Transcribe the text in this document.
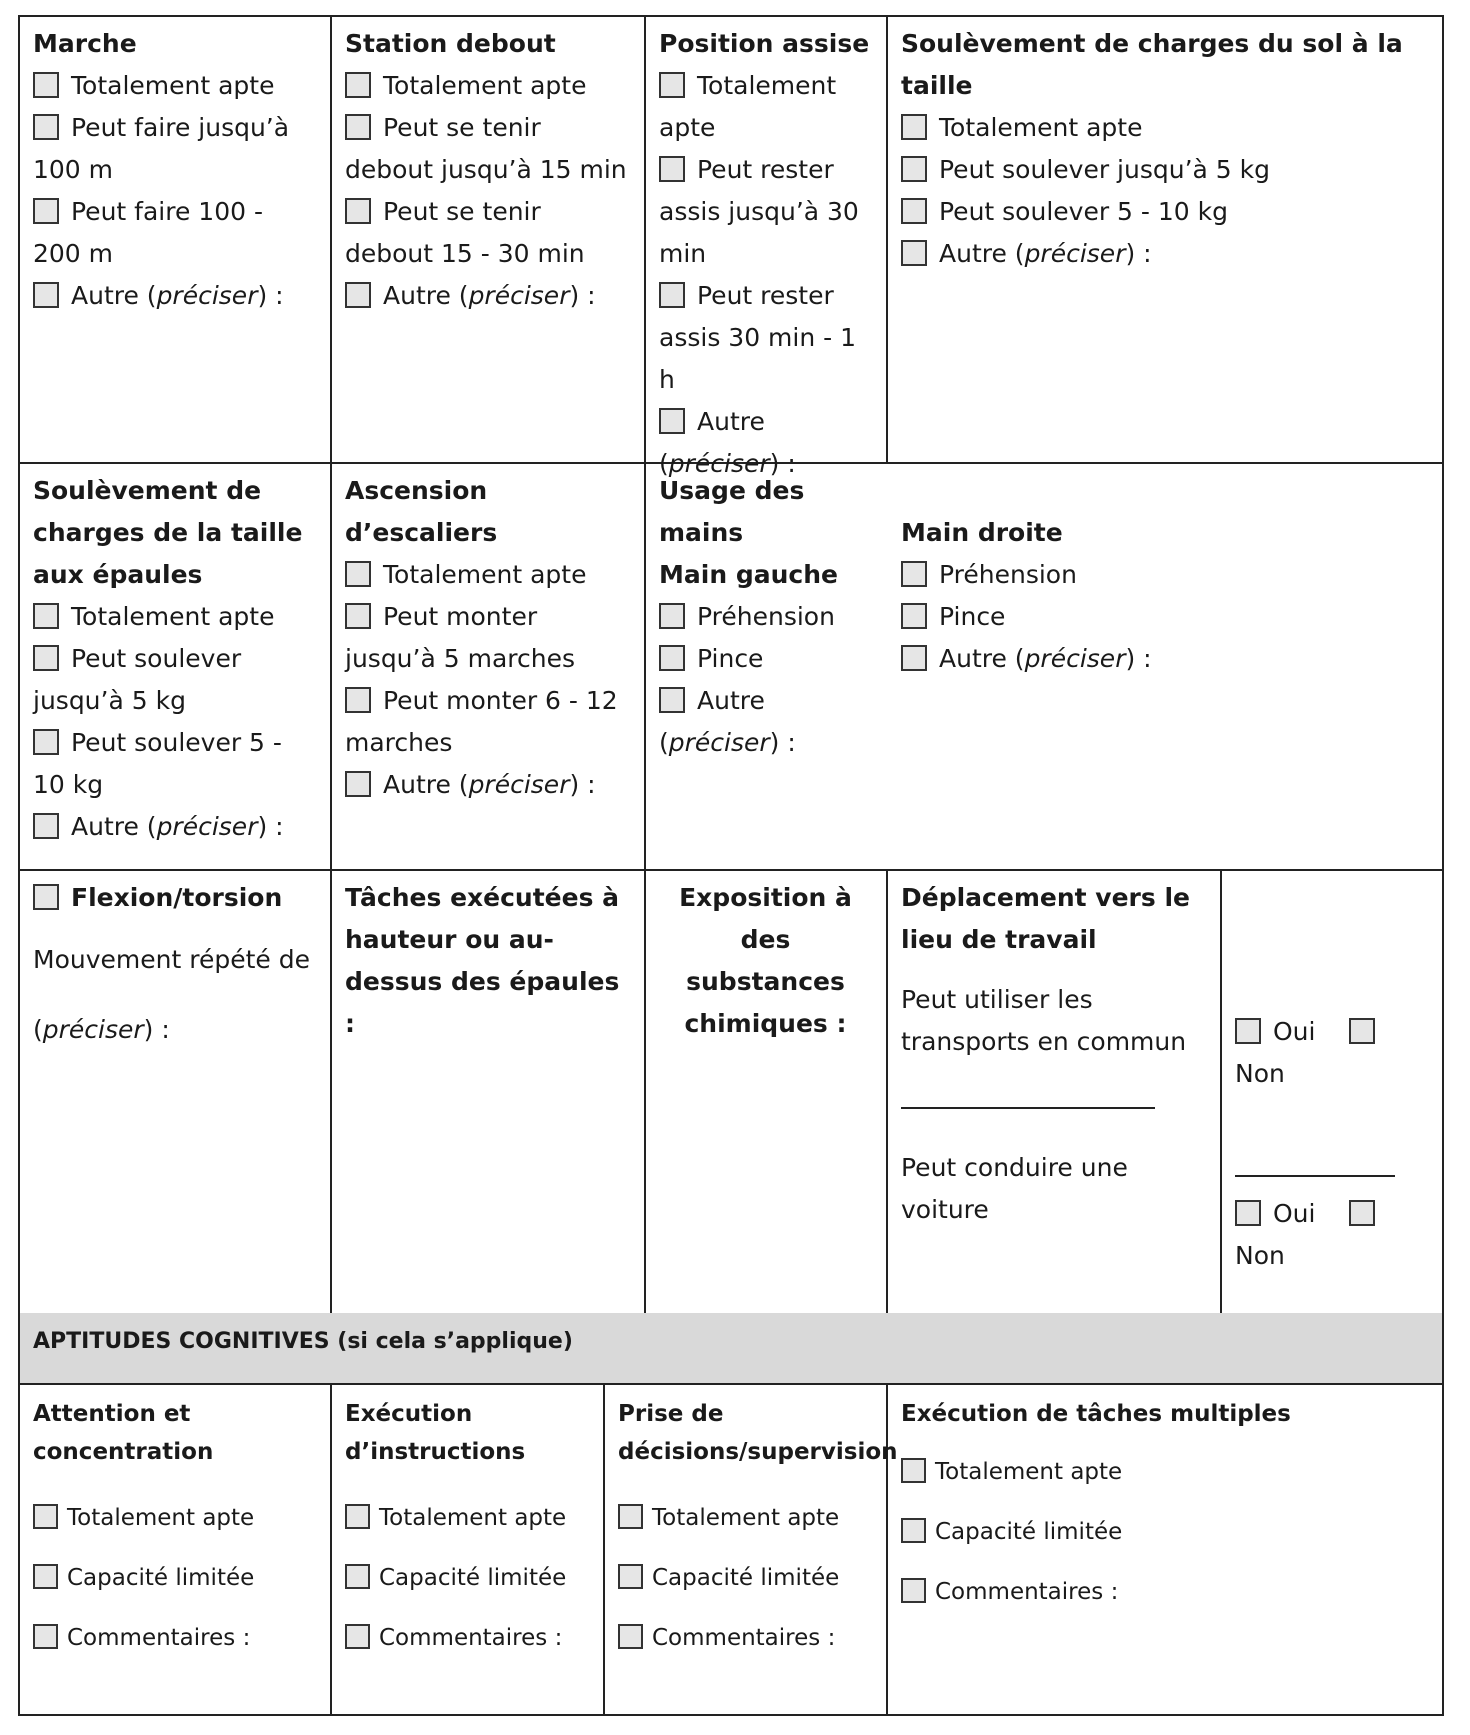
Marche
Totalement apte
Peut faire jusqu’à 100 m
Peut faire 100 - 200 m
Autre (préciser) :
Station debout
Totalement apte
Peut se tenir debout jusqu’à 15 min
Peut se tenir debout 15 - 30 min
Autre (préciser) :
Position assise
Totalement apte
Peut rester assis jusqu’à 30 min
Peut rester assis 30 min - 1 h
Autre (préciser) :
Soulèvement de charges du sol à la taille
Totalement apte
Peut soulever jusqu’à 5 kg
Peut soulever 5 - 10 kg
Autre (préciser) :
Soulèvement de charges de la taille aux épaules
Totalement apte
Peut soulever jusqu’à 5 kg
Peut soulever 5 - 10 kg
Autre (préciser) :
Ascension d’escaliers
Totalement apte
Peut monter jusqu’à 5 marches
Peut monter 6 - 12 marches
Autre (préciser) :
Usage des mains
Main gauche
Préhension
Pince
Autre (préciser) :
Main droite
Préhension
Pince
Autre (préciser) :
Flexion/torsion
Mouvement répété de
(préciser) :
Tâches exécutées à hauteur ou au-dessus des épaules :
Exposition à des substances chimiques :
Déplacement vers le lieu de travail
Peut utiliser les transports en commun
Peut conduire une voiture
Oui
Non
Oui
Non
APTITUDES COGNITIVES (si cela s’applique)
Attention et concentration
Totalement apte
Capacité limitée
Commentaires :
Exécution d’instructions
Totalement apte
Capacité limitée
Commentaires :
Prise de décisions/supervision
Totalement apte
Capacité limitée
Commentaires :
Exécution de tâches multiples
Totalement apte
Capacité limitée
Commentaires :
